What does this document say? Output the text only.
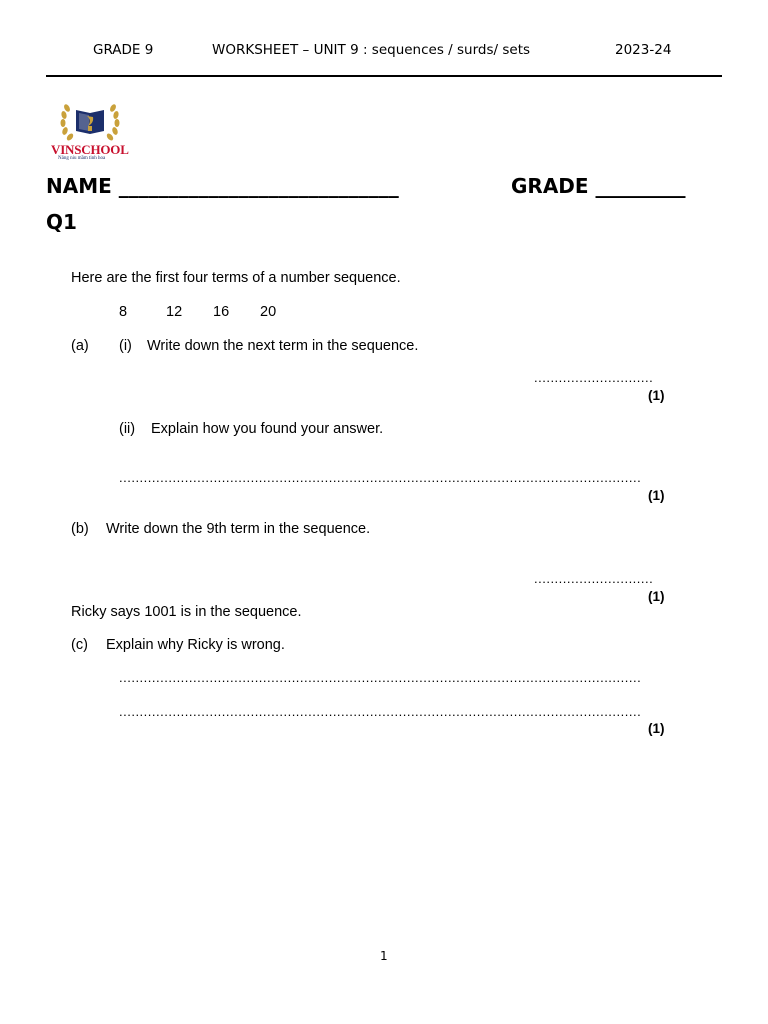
GRADE 9	WORKSHEET – UNIT 9 : sequences / surds/ sets	2023-24
VINSCHOOL
Nâng niu mầm tinh hoa
NAME ____________________________	GRADE _________
Q1
Here are the first four terms of a number sequence.
8	12 16 20
(a) (i) Write down the next term in the sequence.
.............................
(1)
(ii) Explain how you found your answer.
...............................................................................................................................
(1)
(b) Write down the 9th term in the sequence.
.............................
(1)
Ricky says 1001 is in the sequence.
(c) Explain why Ricky is wrong.
...............................................................................................................................
...............................................................................................................................
(1)
1
